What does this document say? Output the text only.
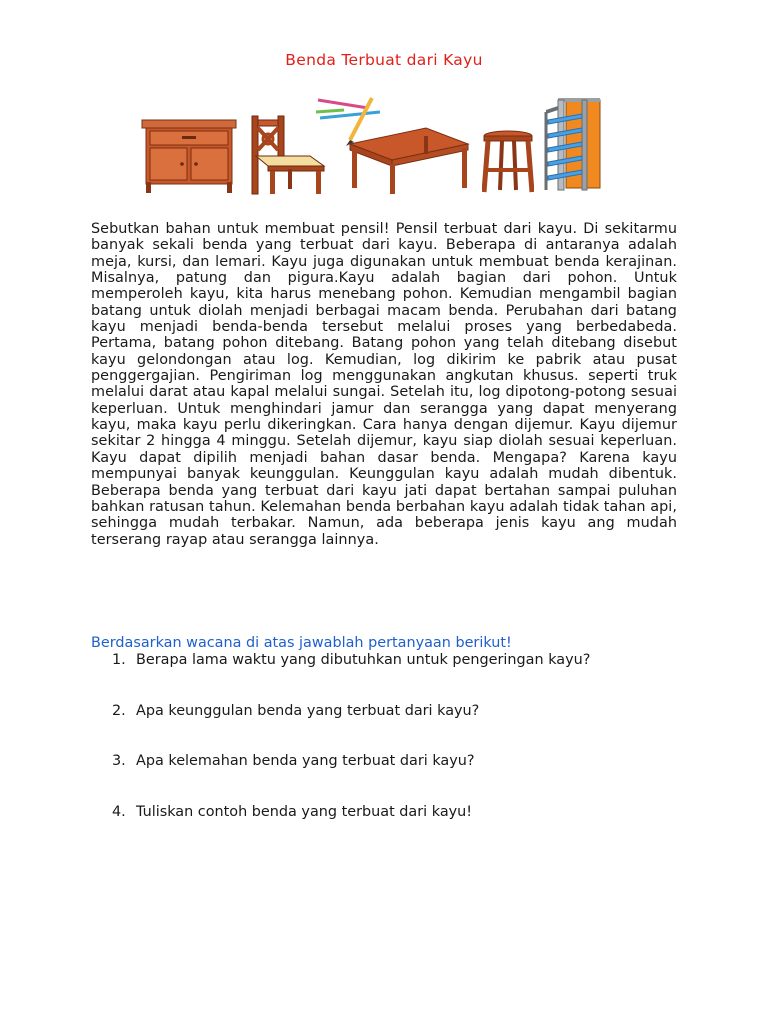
Benda Terbuat dari Kayu

Sebutkan bahan untuk membuat pensil! Pensil terbuat dari kayu. Di sekitarmu banyak sekali benda yang terbuat dari kayu. Beberapa di antaranya adalah meja, kursi, dan lemari. Kayu juga digunakan untuk membuat benda kerajinan. Misalnya, patung dan pigura.Kayu adalah bagian dari pohon. Untuk memperoleh kayu, kita harus menebang pohon. Kemudian mengambil bagian batang untuk diolah menjadi berbagai macam benda. Perubahan dari batang kayu menjadi benda-benda tersebut melalui proses yang berbedabeda. Pertama, batang pohon ditebang. Batang pohon yang telah ditebang disebut kayu gelondongan atau log. Kemudian, log dikirim ke pabrik atau pusat penggergajian. Pengiriman log menggunakan angkutan khusus. seperti truk melalui darat atau kapal melalui sungai. Setelah itu, log dipotong-potong sesuai keperluan. Untuk menghindari jamur dan serangga yang dapat menyerang kayu, maka kayu perlu dikeringkan. Cara hanya dengan dijemur. Kayu dijemur sekitar 2 hingga 4 minggu. Setelah dijemur, kayu siap diolah sesuai keperluan. Kayu dapat dipilih menjadi bahan dasar benda. Mengapa? Karena kayu mempunyai banyak keunggulan. Keunggulan kayu adalah mudah dibentuk. Beberapa benda yang terbuat dari kayu jati dapat bertahan sampai puluhan bahkan ratusan tahun. Kelemahan benda berbahan kayu adalah tidak tahan api, sehingga mudah terbakar. Namun, ada beberapa jenis kayu ang mudah terserang rayap atau serangga lainnya.

Berdasarkan wacana di atas jawablah pertanyaan berikut!

1. Berapa lama waktu yang dibutuhkan untuk pengeringan kayu?
2. Apa keunggulan benda yang terbuat dari kayu?
3. Apa kelemahan benda yang terbuat dari kayu?
4. Tuliskan contoh benda yang terbuat dari kayu!
